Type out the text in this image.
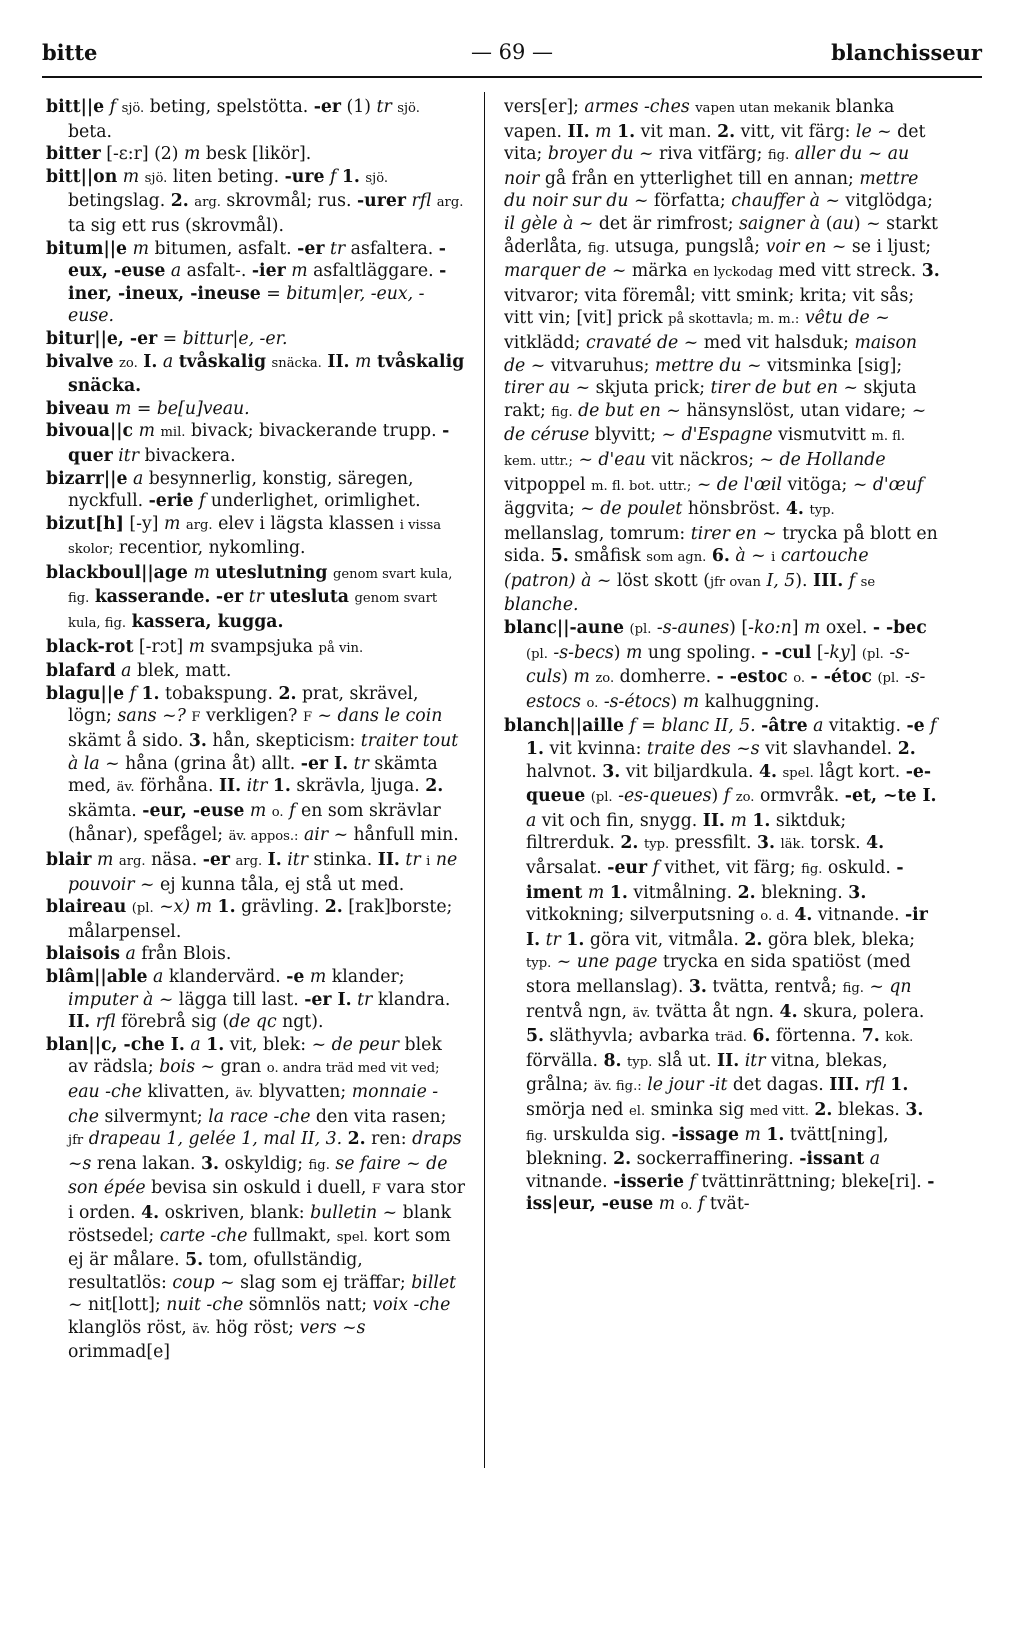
bitte	— 69 —	blanchisseur

bitt||e f sjö. beting, spelstötta. -er (1) tr sjö. beta.

bitter [-ɛ:r] (2) m besk [likör].

bitt||on m sjö. liten beting. -ure f 1. sjö. betingslag. 2. arg. skrovmål; rus. -urer rfl arg. ta sig ett rus (skrovmål).

bitum||e m bitumen, asfalt. -er tr asfaltera. -eux, -euse a asfalt-. -ier m asfaltläggare. -iner, -ineux, -ineuse = bitum|er, -eux, -euse.

bitur||e, -er = bittur|e, -er.

bivalve zo. I. a tvåskalig snäcka. II. m tvåskalig snäcka.

biveau m = be[u]veau.

bivoua||c m mil. bivack; bivackerande trupp. -quer itr bivackera.

bizarr||e a besynnerlig, konstig, säregen, nyckfull. -erie f underlighet, orimlighet.

bizut[h] [-y] m arg. elev i lägsta klassen i vissa skolor; recentior, nykomling.

blackboul||age m uteslutning genom svart kula, fig. kasserande. -er tr utesluta genom svart kula, fig. kassera, kugga.

black-rot [-rɔt] m svampsjuka på vin.

blafard a blek, matt.

blagu||e f 1. tobakspung. 2. prat, skrävel, lögn; sans ~? F verkligen? F ~ dans le coin skämt å sido. 3. hån, skepticism: traiter tout à la ~ håna (grina åt) allt. -er I. tr skämta med, äv. förhåna. II. itr 1. skrävla, ljuga. 2. skämta. -eur, -euse m o. f en som skrävlar (hånar), spefågel; äv. appos.: air ~ hånfull min.

blair m arg. näsa. -er arg. I. itr stinka. II. tr i ne pouvoir ~ ej kunna tåla, ej stå ut med.

blaireau (pl. ~x) m 1. grävling. 2. [rak]borste; målarpensel.

blaisois a från Blois.

blâm||able a klandervärd. -e m klander; imputer à ~ lägga till last. -er I. tr klandra. II. rfl förebrå sig (de qc ngt).

blan||c, -che I. a 1. vit, blek: ~ de peur blek av rädsla; bois ~ gran o. andra träd med vit ved; eau -che klivatten, äv. blyvatten; monnaie -che silvermynt; la race -che den vita rasen; jfr drapeau 1, gelée 1, mal II, 3. 2. ren: draps ~s rena lakan. 3. oskyldig; fig. se faire ~ de son épée bevisa sin oskuld i duell, F vara stor i orden. 4. oskriven, blank: bulletin ~ blank röstsedel; carte -che fullmakt, spel. kort som ej är målare. 5. tom, ofullständig, resultatlös: coup ~ slag som ej träffar; billet ~ nit[lott]; nuit -che sömnlös natt; voix -che klanglös röst, äv. hög röst; vers ~s orimmad[e]

vers[er]; armes -ches vapen utan mekanik blanka vapen. II. m 1. vit man. 2. vitt, vit färg: le ~ det vita; broyer du ~ riva vitfärg; fig. aller du ~ au noir gå från en ytterlighet till en annan; mettre du noir sur du ~ författa; chauffer à ~ vitglödga; il gèle à ~ det är rimfrost; saigner à (au) ~ starkt åderlåta, fig. utsuga, pungslå; voir en ~ se i ljust; marquer de ~ märka en lyckodag med vitt streck. 3. vitvaror; vita föremål; vitt smink; krita; vit sås; vitt vin; [vit] prick på skottavla; m. m.: vêtu de ~ vitklädd; cravaté de ~ med vit halsduk; maison de ~ vitvaruhus; mettre du ~ vitsminka [sig]; tirer au ~ skjuta prick; tirer de but en ~ skjuta rakt; fig. de but en ~ hänsynslöst, utan vidare; ~ de céruse blyvitt; ~ d'Espagne vismutvitt m. fl. kem. uttr.; ~ d'eau vit näckros; ~ de Hollande vitpoppel m. fl. bot. uttr.; ~ de l'œil vitöga; ~ d'œuf äggvita; ~ de poulet hönsbröst. 4. typ. mellanslag, tomrum: tirer en ~ trycka på blott en sida. 5. småfisk som agn. 6. à ~ i cartouche (patron) à ~ löst skott (jfr ovan I, 5). III. f se blanche.

blanc||-aune (pl. -s-aunes) [-ko:n] m oxel. - -bec (pl. -s-becs) m ung spoling. - -cul [-ky] (pl. -s-culs) m zo. domherre. - -estoc o. - -étoc (pl. -s-estocs o. -s-étocs) m kalhuggning.

blanch||aille f = blanc II, 5. -âtre a vitaktig. -e f 1. vit kvinna: traite des ~s vit slavhandel. 2. halvnot. 3. vit biljardkula. 4. spel. lågt kort. -e-queue (pl. -es-queues) f zo. ormvråk. -et, ~te I. a vit och fin, snygg. II. m 1. siktduk; filtrerduk. 2. typ. pressfilt. 3. läk. torsk. 4. vårsalat. -eur f vithet, vit färg; fig. oskuld. -iment m 1. vitmålning. 2. blekning. 3. vitkokning; silverputsning o. d. 4. vitnande. -ir I. tr 1. göra vit, vitmåla. 2. göra blek, bleka; typ. ~ une page trycka en sida spatiöst (med stora mellanslag). 3. tvätta, rentvå; fig. ~ qn rentvå ngn, äv. tvätta åt ngn. 4. skura, polera. 5. släthyvla; avbarka träd. 6. förtenna. 7. kok. förvälla. 8. typ. slå ut. II. itr vitna, blekas, grålna; äv. fig.: le jour -it det dagas. III. rfl 1. smörja ned el. sminka sig med vitt. 2. blekas. 3. fig. urskulda sig. -issage m 1. tvätt[ning], blekning. 2. sockerraffinering. -issant a vitnande. -isserie f tvättinrättning; bleke[ri]. -iss|eur, -euse m o. f tvät-
